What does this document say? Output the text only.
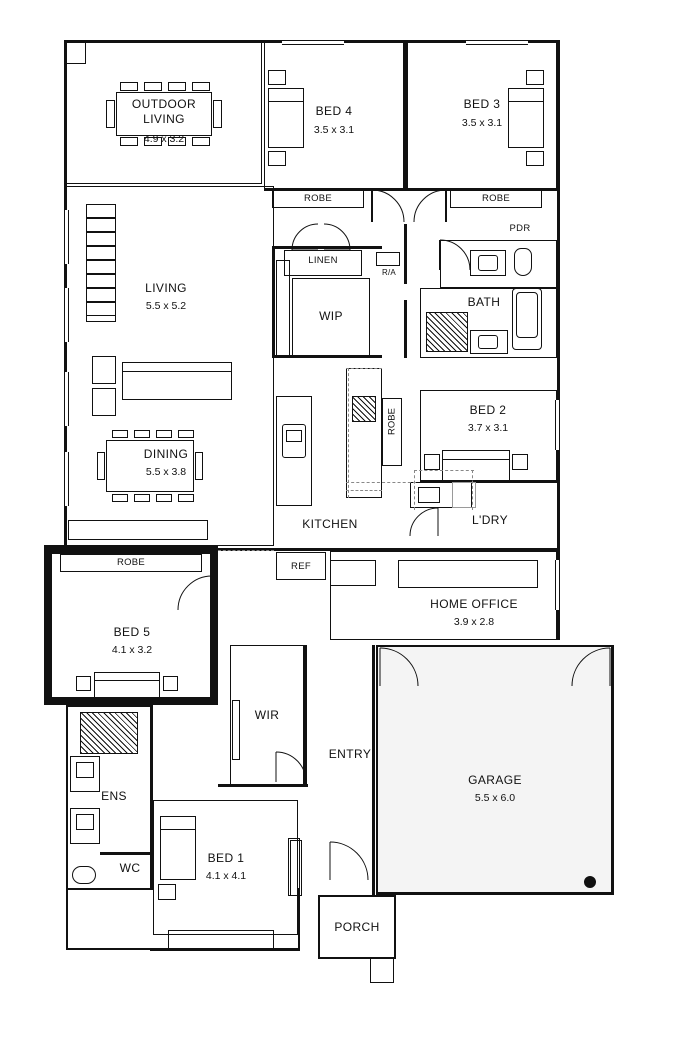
OUTDOOR
LIVING
4.9 x 3.2
BED 4
3.5 x 3.1
ROBE
BED 3
3.5 x 3.1
ROBE
LIVING
5.5 x 5.2
DINING
5.5 x 3.8
LINEN
R/A
WIP
PDR
BATH
KITCHEN
ROBE
REF
BED 2
3.7 x 3.1
L'DRY
ROBE
BED 5
4.1 x 3.2
HOME OFFICE
3.9 x 2.8
GARAGE
5.5 x 6.0
ENTRY
WIR
PORCH
ENS
WC
BED 1
4.1 x 4.1
